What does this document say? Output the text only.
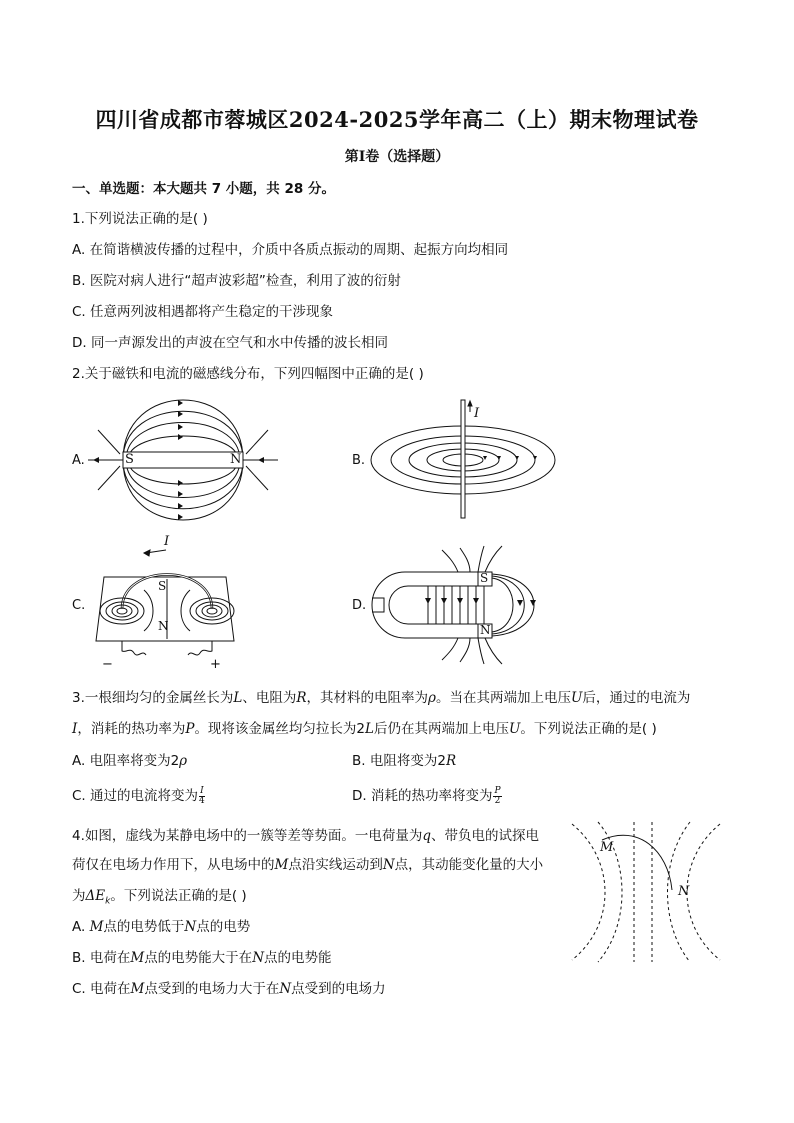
四川省成都市蓉城区2024-2025学年高二（上）期末物理试卷
第I卷（选择题）
一、单选题：本大题共 7 小题，共 28 分。
1.下列说法正确的是( )
A. 在简谐横波传播的过程中，介质中各质点振动的周期、起振方向均相同
B. 医院对病人进行“超声波彩超”检查，利用了波的衍射
C. 任意两列波相遇都将产生稳定的干涉现象
D. 同一声源发出的声波在空气和水中传播的波长相同
2.关于磁铁和电流的磁感线分布，下列四幅图中正确的是( )
A.	B.
C.	D.
S	N
I
I
S
N
−	+
S
N
3.一根细均匀的金属丝长为L、电阻为R，其材料的电阻率为ρ。当在其两端加上电压U后，通过的电流为
I，消耗的热功率为P。现将该金属丝均匀拉长为2L后仍在其两端加上电压U。下列说法正确的是( )
A. 电阻率将变为2ρ	B. 电阻将变为2R
C. 通过的电流将变为 $\frac{I}{4}$	D. 消耗的热功率将变为 $\frac{P}{2}$
4.如图，虚线为某静电场中的一簇等差等势面。一电荷量为q、带负电的试探电
荷仅在电场力作用下，从电场中的M点沿实线运动到N点，其动能变化量的大小
为$\Delta E_k$。下列说法正确的是( )
A. M点的电势低于N点的电势
B. 电荷在M点的电势能大于在N点的电势能
C. 电荷在M点受到的电场力大于在N点受到的电场力
M
N
